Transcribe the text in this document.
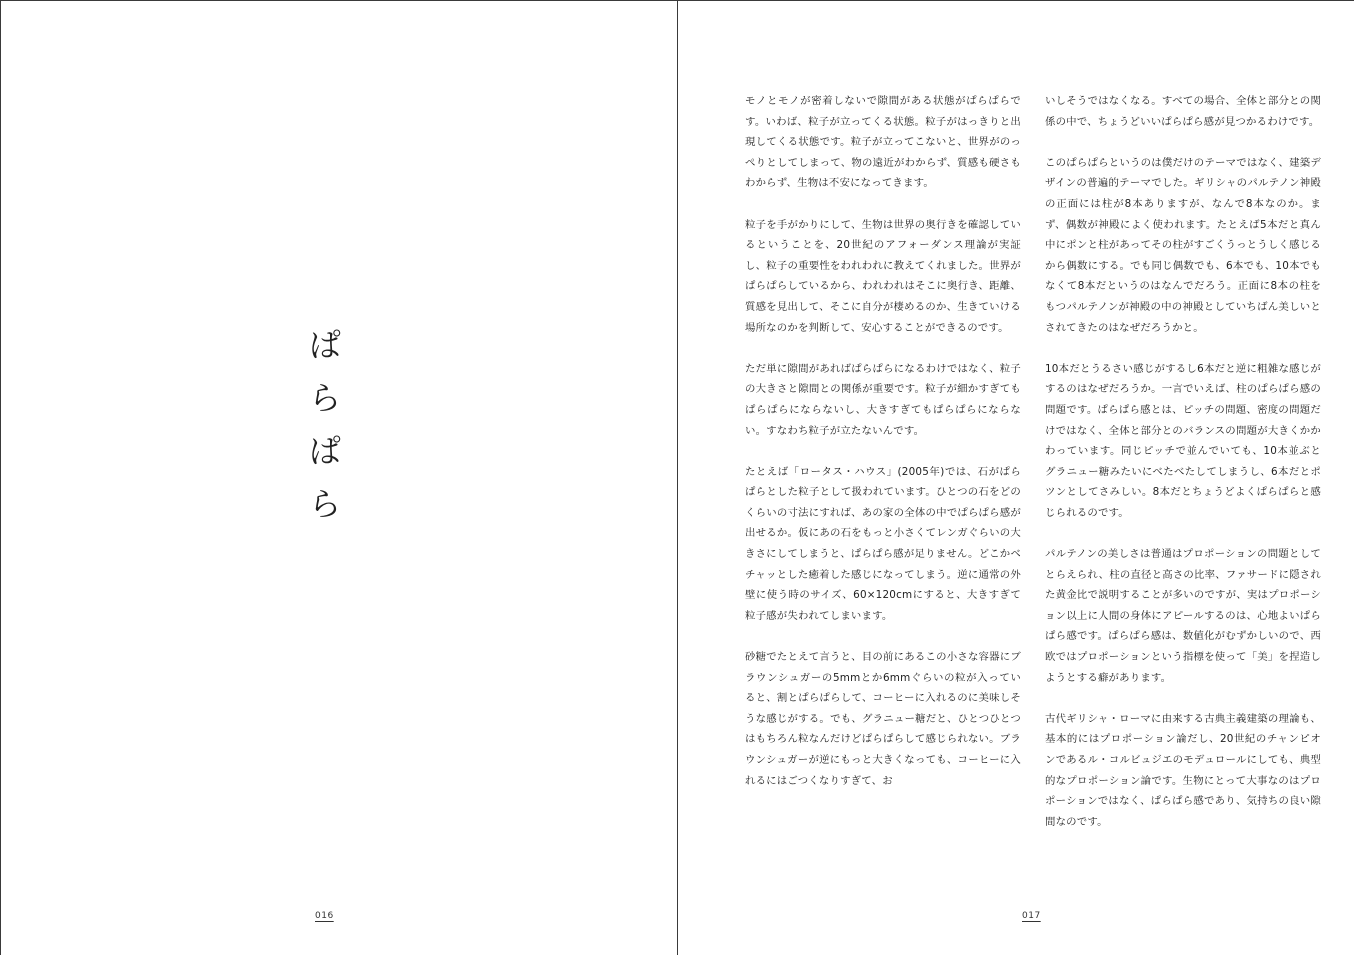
ぱ
ら
ぱ
ら
016

モノとモノが密着しないで隙間がある状態がぱらぱらです。いわば、粒子が立ってくる状態。粒子がはっきりと出現してくる状態です。粒子が立ってこないと、世界がのっぺりとしてしまって、物の遠近がわからず、質感も硬さもわからず、生物は不安になってきます。

粒子を手がかりにして、生物は世界の奥行きを確認しているということを、20世紀のアフォーダンス理論が実証し、粒子の重要性をわれわれに教えてくれました。世界がぱらぱらしているから、われわれはそこに奥行き、距離、質感を見出して、そこに自分が棲めるのか、生きていける場所なのかを判断して、安心することができるのです。

ただ単に隙間があればぱらぱらになるわけではなく、粒子の大きさと隙間との関係が重要です。粒子が細かすぎてもぱらぱらにならないし、大きすぎてもぱらぱらにならない。すなわち粒子が立たないんです。

たとえば「ロータス・ハウス」(2005年)では、石がぱらぱらとした粒子として扱われています。ひとつの石をどのくらいの寸法にすれば、あの家の全体の中でぱらぱら感が出せるか。仮にあの石をもっと小さくてレンガぐらいの大きさにしてしまうと、ぱらぱら感が足りません。どこかベチャッとした癒着した感じになってしまう。逆に通常の外壁に使う時のサイズ、60×120cmにすると、大きすぎて粒子感が失われてしまいます。

砂糖でたとえて言うと、目の前にあるこの小さな容器にブラウンシュガーの5mmとか6mmぐらいの粒が入っていると、割とぱらぱらして、コーヒーに入れるのに美味しそうな感じがする。でも、グラニュー糖だと、ひとつひとつはもちろん粒なんだけどぱらぱらして感じられない。ブラウンシュガーが逆にもっと大きくなっても、コーヒーに入れるにはごつくなりすぎて、お

いしそうではなくなる。すべての場合、全体と部分との関係の中で、ちょうどいいぱらぱら感が見つかるわけです。

このぱらぱらというのは僕だけのテーマではなく、建築デザインの普遍的テーマでした。ギリシャのパルテノン神殿の正面には柱が8本ありますが、なんで8本なのか。まず、偶数が神殿によく使われます。たとえば5本だと真ん中にポンと柱があってその柱がすごくうっとうしく感じるから偶数にする。でも同じ偶数でも、6本でも、10本でもなくて8本だというのはなんでだろう。正面に8本の柱をもつパルテノンが神殿の中の神殿としていちばん美しいとされてきたのはなぜだろうかと。

10本だとうるさい感じがするし6本だと逆に粗雑な感じがするのはなぜだろうか。一言でいえば、柱のぱらぱら感の問題です。ぱらぱら感とは、ピッチの問題、密度の問題だけではなく、全体と部分とのバランスの問題が大きくかかわっています。同じピッチで並んでいても、10本並ぶとグラニュー糖みたいにべたべたしてしまうし、6本だとポツンとしてさみしい。8本だとちょうどよくぱらぱらと感じられるのです。

パルテノンの美しさは普通はプロポーションの問題としてとらえられ、柱の直径と高さの比率、ファサードに隠された黄金比で説明することが多いのですが、実はプロポーション以上に人間の身体にアピールするのは、心地よいぱらぱら感です。ぱらぱら感は、数値化がむずかしいので、西欧ではプロポーションという指標を使って「美」を捏造しようとする癖があります。

古代ギリシャ・ローマに由来する古典主義建築の理論も、基本的にはプロポーション論だし、20世紀のチャンピオンであるル・コルビュジエのモデュロールにしても、典型的なプロポーション論です。生物にとって大事なのはプロポーションではなく、ぱらぱら感であり、気持ちの良い隙間なのです。

017
